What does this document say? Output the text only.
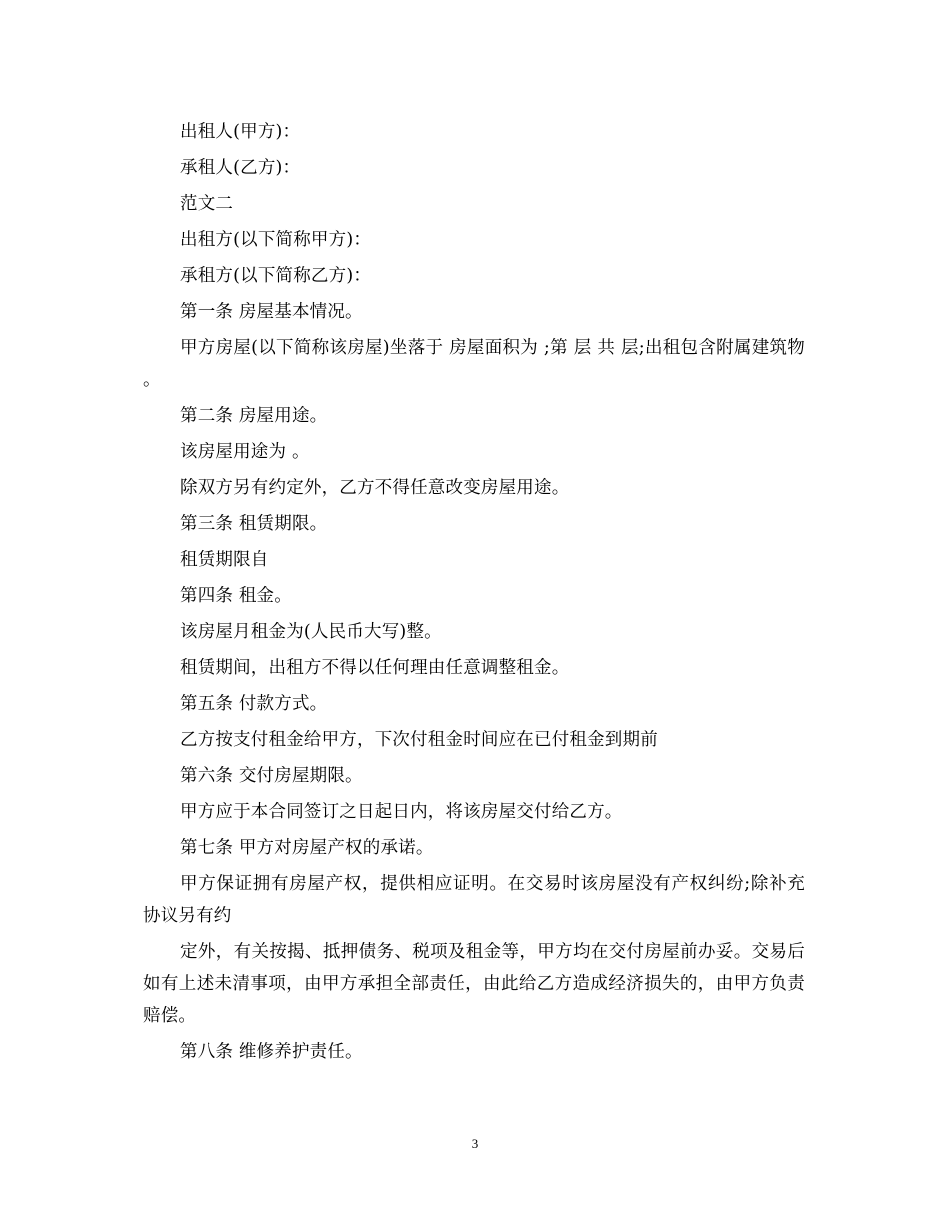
出租人(甲方)：

承租人(乙方)：

范文二

出租方(以下简称甲方)：

承租方(以下简称乙方)：

第一条 房屋基本情况。

甲方房屋(以下简称该房屋)坐落于 房屋面积为 ;第 层 共 层;出租包含附属建筑物 。

第二条 房屋用途。

该房屋用途为 。

除双方另有约定外，乙方不得任意改变房屋用途。

第三条 租赁期限。

租赁期限自

第四条 租金。

该房屋月租金为(人民币大写)整。

租赁期间，出租方不得以任何理由任意调整租金。

第五条 付款方式。

乙方按支付租金给甲方，下次付租金时间应在已付租金到期前

第六条 交付房屋期限。

甲方应于本合同签订之日起日内，将该房屋交付给乙方。

第七条 甲方对房屋产权的承诺。

甲方保证拥有房屋产权，提供相应证明。在交易时该房屋没有产权纠纷;除补充协议另有约

定外，有关按揭、抵押债务、税项及租金等，甲方均在交付房屋前办妥。交易后如有上述未清事项，由甲方承担全部责任，由此给乙方造成经济损失的，由甲方负责赔偿。

第八条 维修养护责任。

3
